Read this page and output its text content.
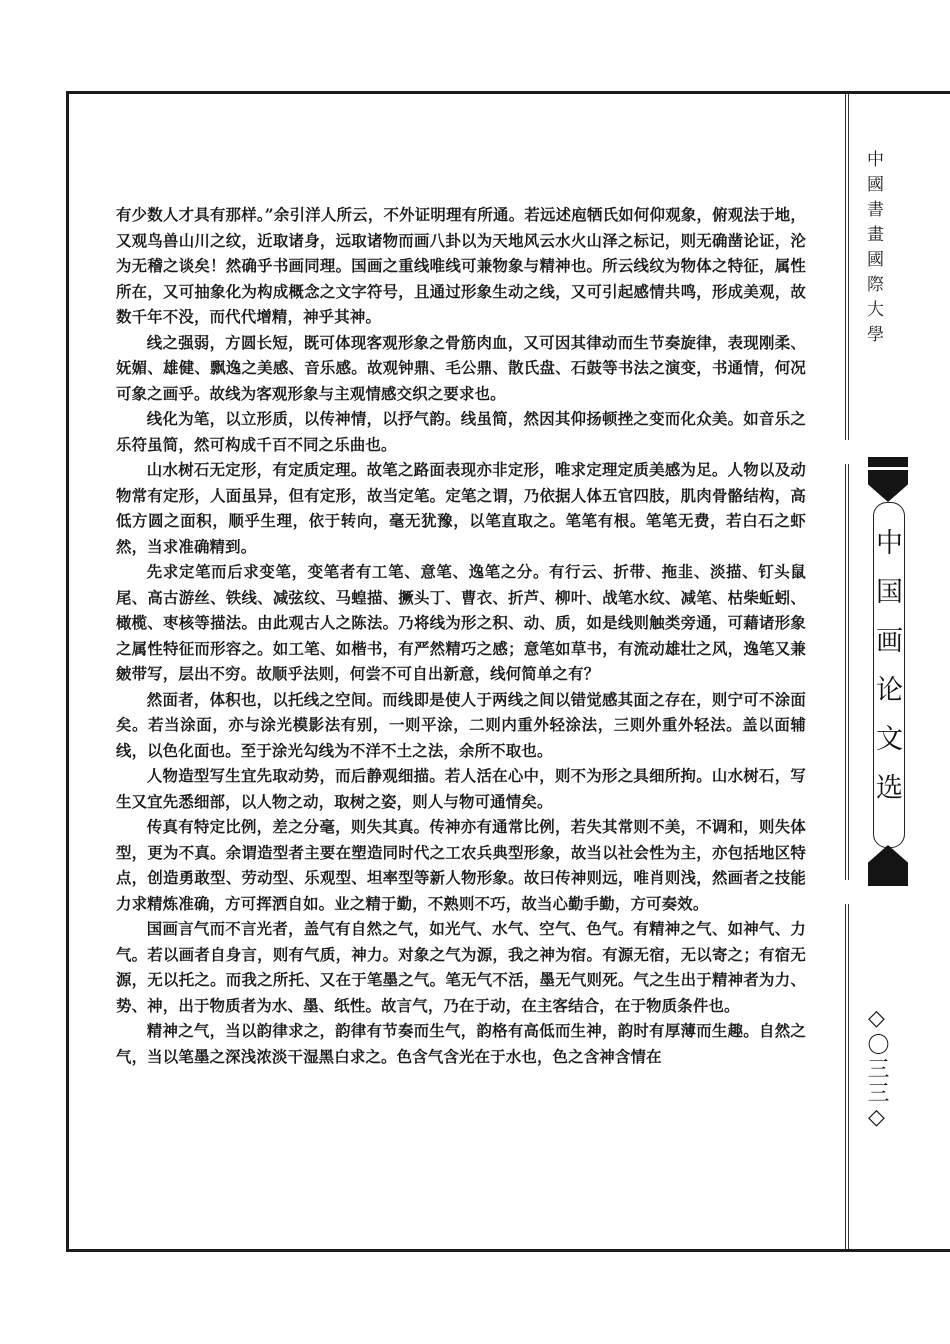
中國書畫國際大學
中国画论文选
◇〇三三◇

有少数人才具有那样。”余引洋人所云，不外证明理有所通。若远述庖牺氏如何仰观象，俯观法于地，又观鸟兽山川之纹，近取诸身，远取诸物而画八卦以为天地风云水火山泽之标记，则无确凿论证，沦为无稽之谈矣！然确乎书画同理。国画之重线唯线可兼物象与精神也。所云线纹为物体之特征，属性所在，又可抽象化为构成概念之文字符号，且通过形象生动之线，又可引起感情共鸣，形成美观，故数千年不没，而代代增精，神乎其神。

线之强弱，方圆长短，既可体现客观形象之骨筋肉血，又可因其律动而生节奏旋律，表现刚柔、妩媚、雄健、飘逸之美感、音乐感。故观钟鼎、毛公鼎、散氏盘、石鼓等书法之演变，书通情，何况可象之画乎。故线为客观形象与主观情感交织之要求也。

线化为笔，以立形质，以传神情，以抒气韵。线虽简，然因其仰扬顿挫之变而化众美。如音乐之乐符虽简，然可构成千百不同之乐曲也。

山水树石无定形，有定质定理。故笔之路面表现亦非定形，唯求定理定质美感为足。人物以及动物常有定形，人面虽异，但有定形，故当定笔。定笔之谓，乃依据人体五官四肢，肌肉骨骼结构，高低方圆之面积，顺乎生理，依于转向，毫无犹豫，以笔直取之。笔笔有根。笔笔无费，若白石之虾然，当求准确精到。

先求定笔而后求变笔，变笔者有工笔、意笔、逸笔之分。有行云、折带、拖韭、淡描、钉头鼠尾、高古游丝、铁线、减弦纹、马蝗描、撅头丁、曹衣、折芦、柳叶、战笔水纹、减笔、枯柴蚯蚓、橄榄、枣核等描法。由此观古人之陈法。乃将线为形之积、动、质，如是线则触类旁通，可藉诸形象之属性特征而形容之。如工笔、如楷书，有严然精巧之感；意笔如草书，有流动雄壮之风，逸笔又兼皴带写，层出不穷。故顺乎法则，何尝不可自出新意，线何简单之有？

然面者，体积也，以托线之空间。而线即是使人于两线之间以错觉感其面之存在，则宁可不涂面矣。若当涂面，亦与涂光模影法有别，一则平涂，二则内重外轻涂法，三则外重外轻法。盖以面辅线，以色化面也。至于涂光勾线为不洋不土之法，余所不取也。

人物造型写生宜先取动势，而后静观细描。若人活在心中，则不为形之具细所拘。山水树石，写生又宜先悉细部，以人物之动，取树之姿，则人与物可通情矣。

传真有特定比例，差之分毫，则失其真。传神亦有通常比例，若失其常则不美，不调和，则失体型，更为不真。余谓造型者主要在塑造同时代之工农兵典型形象，故当以社会性为主，亦包括地区特点，创造勇敢型、劳动型、乐观型、坦率型等新人物形象。故曰传神则远，唯肖则浅，然画者之技能力求精炼准确，方可挥洒自如。业之精于勤，不熟则不巧，故当心勤手勤，方可奏效。

国画言气而不言光者，盖气有自然之气，如光气、水气、空气、色气。有精神之气、如神气、力气。若以画者自身言，则有气质，神力。对象之气为源，我之神为宿。有源无宿，无以寄之；有宿无源，无以托之。而我之所托、又在于笔墨之气。笔无气不活，墨无气则死。气之生出于精神者为力、势、神，出于物质者为水、墨、纸性。故言气，乃在于动，在主客结合，在于物质条件也。

精神之气，当以韵律求之，韵律有节奏而生气，韵格有高低而生神，韵时有厚薄而生趣。自然之气，当以笔墨之深浅浓淡干湿黑白求之。色含气含光在于水也，色之含神含情在
